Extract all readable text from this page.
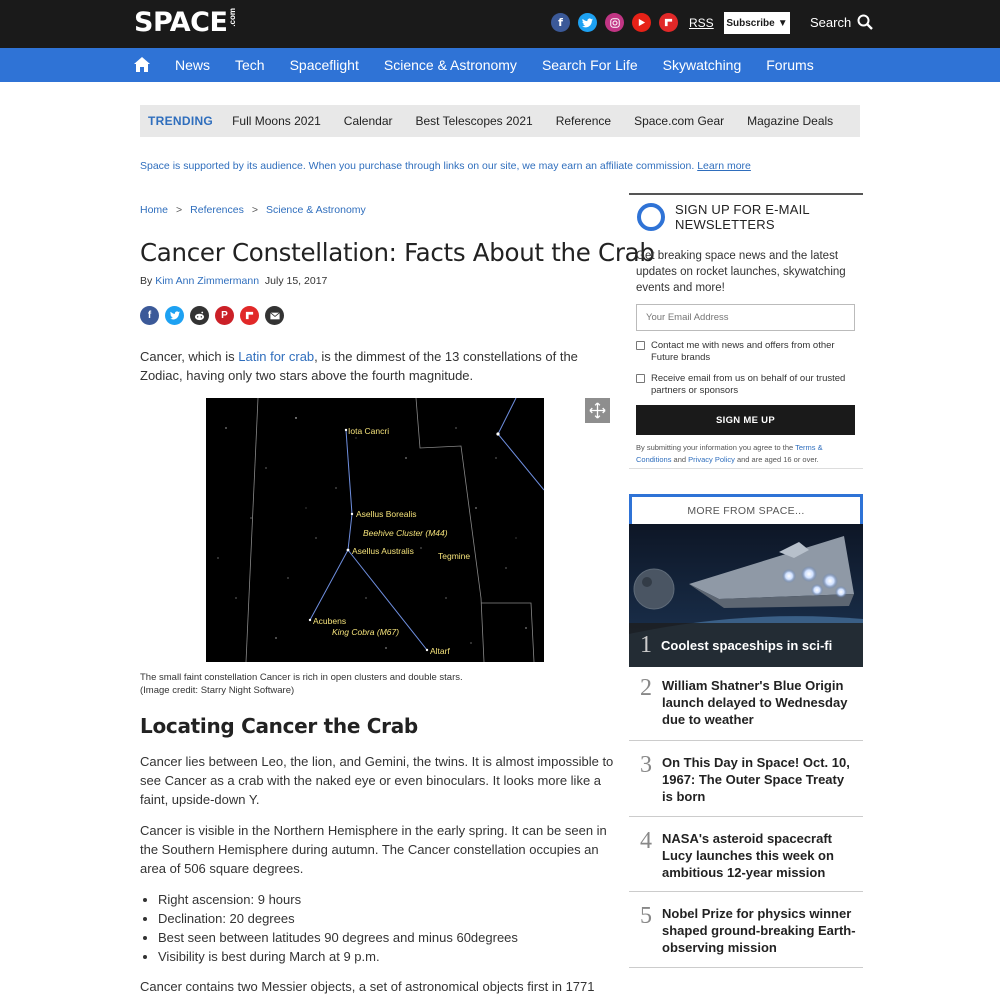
SPACE .com	f	RSS Subscribe ▼ Search
News Tech Spaceflight Science & Astronomy Search For Life Skywatching Forums
TRENDING Full Moons 2021 Calendar Best Telescopes 2021 Reference Space.com Gear Magazine Deals
Space is supported by its audience. When you purchase through links on our site, we may earn an affiliate commission. Learn more
Home > References > Science & Astronomy
Cancer Constellation: Facts About the Crab
By Kim Ann Zimmermann July 15, 2017
f	P

Cancer, which is Latin for crab, is the dimmest of the 13 constellations of the Zodiac, having only two stars above the fourth magnitude.

Iota Cancri
Asellus Borealis
Beehive Cluster (M44)
Asellus Australis	Tegmine
Acubens
King Cobra (M67)
Altarf
The small faint constellation Cancer is rich in open clusters and double stars.
(Image credit: Starry Night Software)
Locating Cancer the Crab

Cancer lies between Leo, the lion, and Gemini, the twins. It is almost impossible to see Cancer as a crab with the naked eye or even binoculars. It looks more like a faint, upside-down Y.

Cancer is visible in the Northern Hemisphere in the early spring. It can be seen in the Southern Hemisphere during autumn. The Cancer constellation occupies an area of 506 square degrees.

• Right ascension: 9 hours
• Declination: 20 degrees
• Best seen between latitudes 90 degrees and minus 60degrees
• Visibility is best during March at 9 p.m.

Cancer contains two Messier objects, a set of astronomical objects first in 1771

SIGN UP FOR E-MAIL NEWSLETTERS
Get breaking space news and the latest updates on rocket launches, skywatching events and more!
Your Email Address
Contact me with news and offers from other Future brands
Receive email from us on behalf of our trusted partners or sponsors
SIGN ME UP
By submitting your information you agree to the Terms & Conditions and Privacy Policy and are aged 16 or over.
MORE FROM SPACE...
1 Coolest spaceships in sci-fi
2 William Shatner's Blue Origin launch delayed to Wednesday due to weather
3 On This Day in Space! Oct. 10, 1967: The Outer Space Treaty is born
4 NASA's asteroid spacecraft Lucy launches this week on ambitious 12-year mission
5 Nobel Prize for physics winner shaped ground-breaking Earth-observing mission
